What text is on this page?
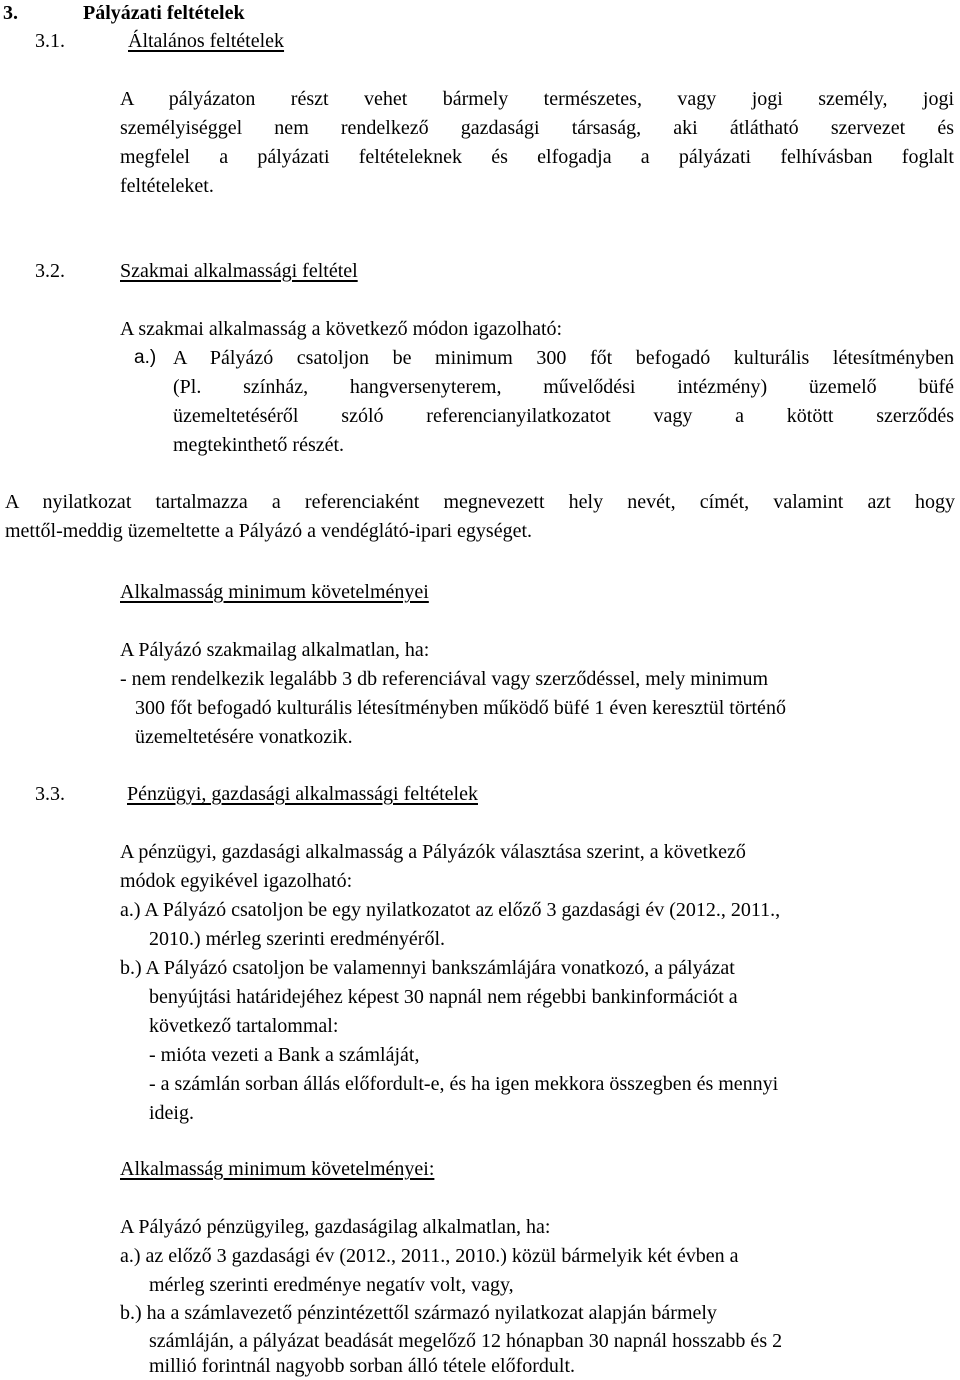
3.	Pályázati feltételek
3.1.	Általános feltételek
A pályázaton részt vehet bármely természetes, vagy jogi személy, jogi
személyiséggel nem rendelkező gazdasági társaság, aki átlátható szervezet és
megfelel a pályázati feltételeknek és elfogadja a pályázati felhívásban foglalt
feltételeket.
3.2.	Szakmai alkalmassági feltétel
A szakmai alkalmasság a következő módon igazolható:
a.) A Pályázó csatoljon be minimum 300 főt befogadó kulturális létesítményben
(Pl. színház, hangversenyterem, művelődési intézmény) üzemelő büfé
üzemeltetéséről szóló referencianyilatkozatot vagy a kötött szerződés
megtekinthető részét.
A nyilatkozat tartalmazza a referenciaként megnevezett hely nevét, címét, valamint azt hogy
mettől-meddig üzemeltette a Pályázó a vendéglátó-ipari egységet.
Alkalmasság minimum követelményei
A Pályázó szakmailag alkalmatlan, ha:
- nem rendelkezik legalább 3 db referenciával vagy szerződéssel, mely minimum
300 főt befogadó kulturális létesítményben működő büfé 1 éven keresztül történő
üzemeltetésére vonatkozik.
3.3.	Pénzügyi, gazdasági alkalmassági feltételek
A pénzügyi, gazdasági alkalmasság a Pályázók választása szerint, a következő
módok egyikével igazolható:
a.) A Pályázó csatoljon be egy nyilatkozatot az előző 3 gazdasági év (2012., 2011.,
2010.) mérleg szerinti eredményéről.
b.) A Pályázó csatoljon be valamennyi bankszámlájára vonatkozó, a pályázat
benyújtási határidejéhez képest 30 napnál nem régebbi bankinformációt a
következő tartalommal:
- mióta vezeti a Bank a számláját,
- a számlán sorban állás előfordult-e, és ha igen mekkora összegben és mennyi
ideig.
Alkalmasság minimum követelményei:
A Pályázó pénzügyileg, gazdaságilag alkalmatlan, ha:
a.) az előző 3 gazdasági év (2012., 2011., 2010.) közül bármelyik két évben a
mérleg szerinti eredménye negatív volt, vagy,
b.) ha a számlavezető pénzintézettől származó nyilatkozat alapján bármely
számláján, a pályázat beadását megelőző 12 hónapban 30 napnál hosszabb és 2
millió forintnál nagyobb sorban álló tétele előfordult.
